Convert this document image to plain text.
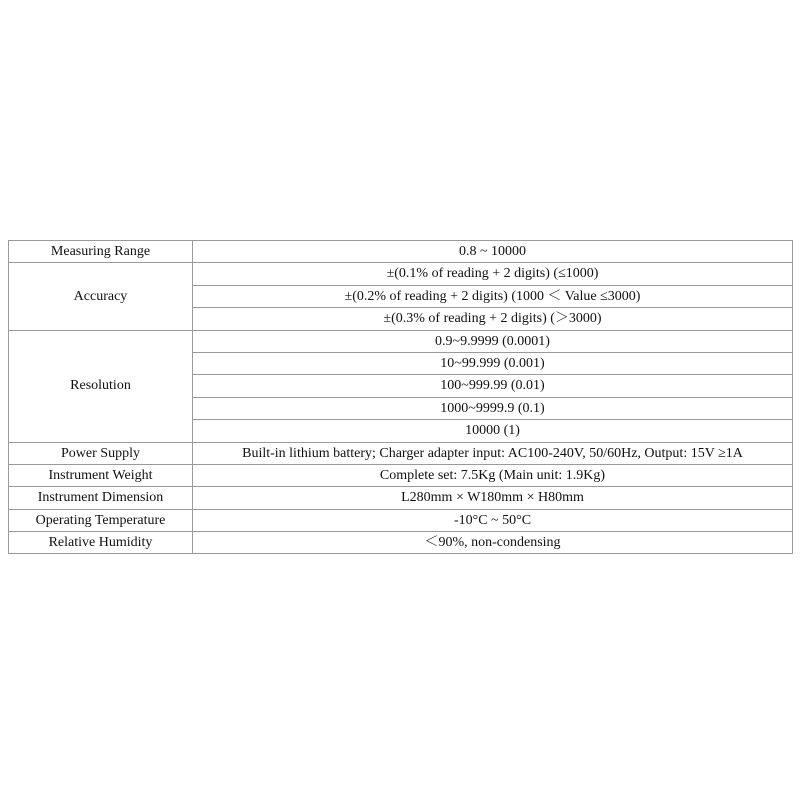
Measuring Range	0.8 ~ 10000
Accuracy	±(0.1% of reading + 2 digits) (≤1000)
	±(0.2% of reading + 2 digits) (1000 ＜ Value ≤3000)
	±(0.3% of reading + 2 digits) (＞3000)
Resolution	0.9~9.9999 (0.0001)
	10~99.999 (0.001)
	100~999.99 (0.01)
	1000~9999.9 (0.1)
	10000 (1)
Power Supply	Built-in lithium battery; Charger adapter input: AC100-240V, 50/60Hz, Output: 15V ≥1A
Instrument Weight	Complete set: 7.5Kg (Main unit: 1.9Kg)
Instrument Dimension	L280mm × W180mm × H80mm
Operating Temperature	-10°C ~ 50°C
Relative Humidity	＜90%, non-condensing
